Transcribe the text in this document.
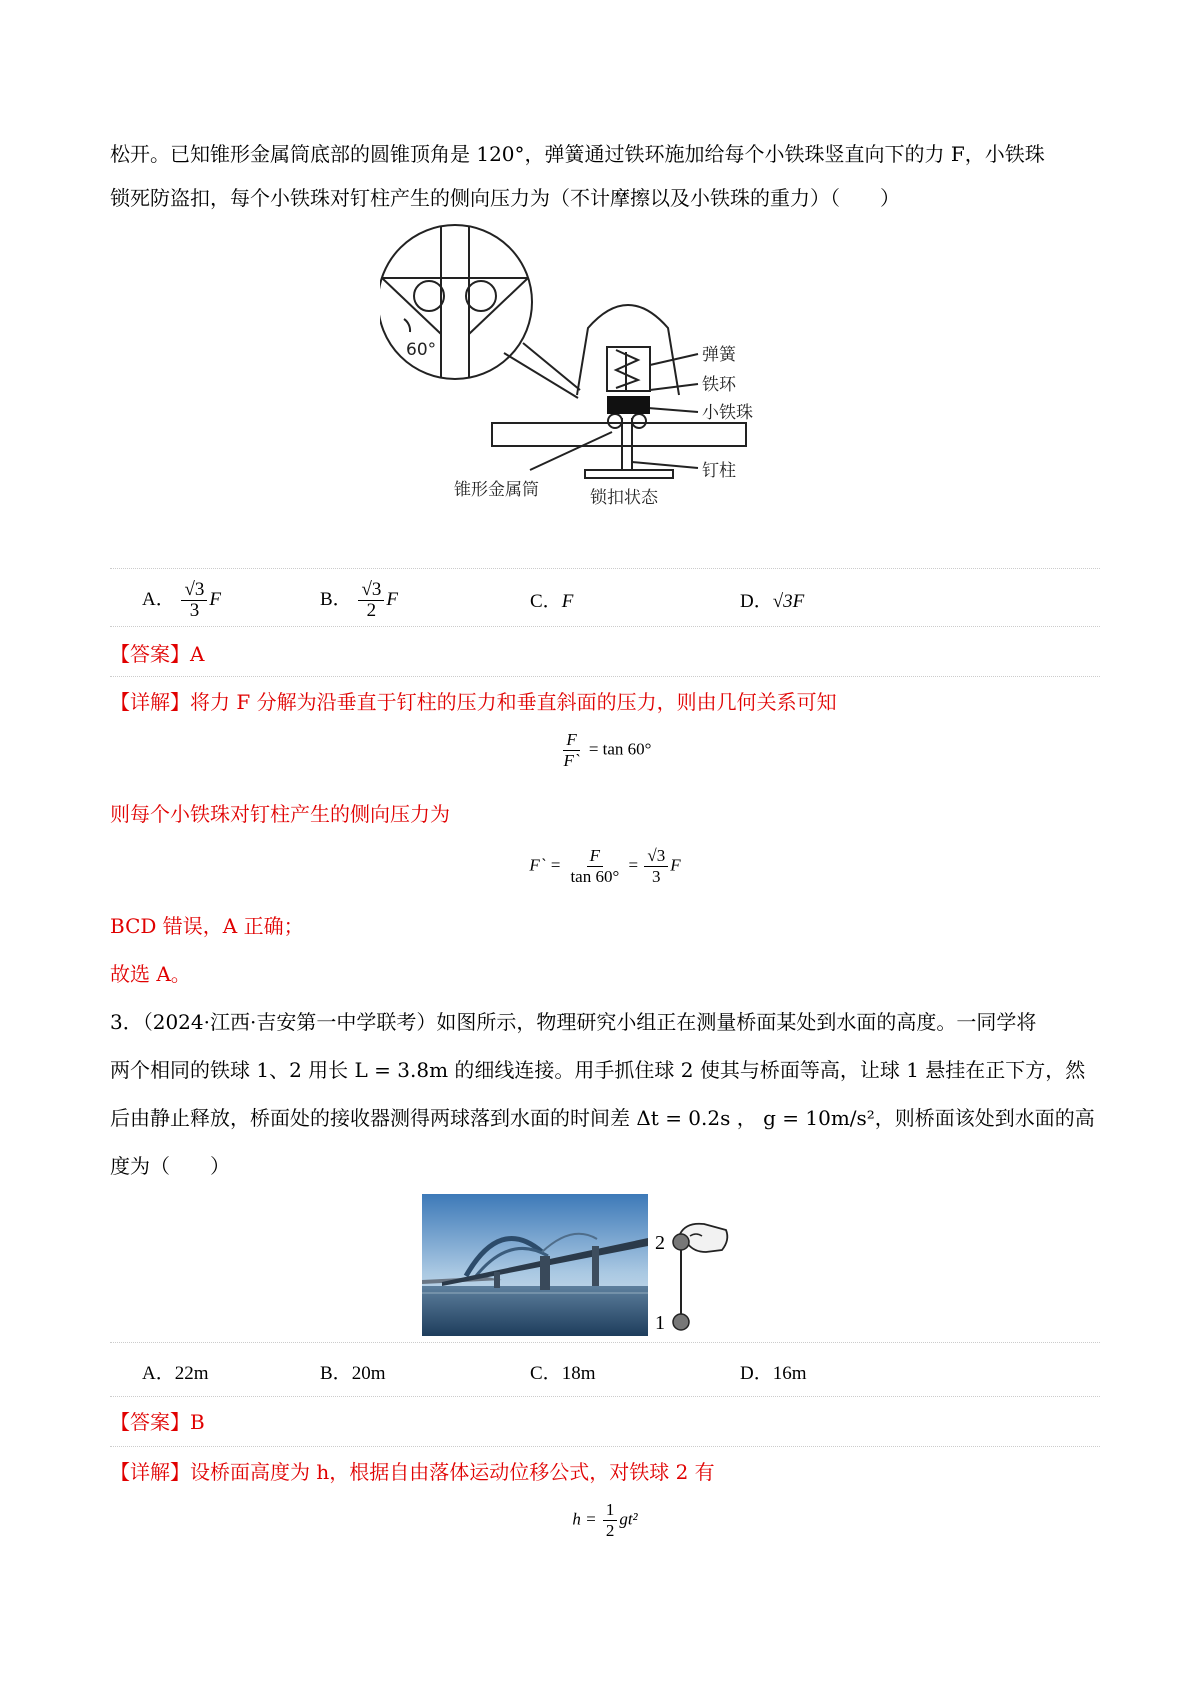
松开。已知锥形金属筒底部的圆锥顶角是 120°，弹簧通过铁环施加给每个小铁珠竖直向下的力 F，小铁珠
锁死防盗扣，每个小铁珠对钉柱产生的侧向压力为（不计摩擦以及小铁珠的重力）（　　）
60°	弹簧
铁环
小铁珠
钉柱
锥形金属筒	锁扣状态
A． $\frac{√3}{3}$ F	B． $\frac{√3}{2}$ F	C．F	D．√3F
【答案】A
【详解】将力 F 分解为沿垂直于钉柱的压力和垂直斜面的压力，则由几何关系可知
$\frac{F}{F`} = \tan 60^\circ$
则每个小铁珠对钉柱产生的侧向压力为
F` = $\frac{F}{\tan 60^\circ} = \frac{√3}{3}$ F
BCD 错误，A 正确；
故选 A。
3．（2024·江西·吉安第一中学联考）如图所示，物理研究小组正在测量桥面某处到水面的高度。一同学将
两个相同的铁球 1、2 用长 L = 3.8m 的细线连接。用手抓住球 2 使其与桥面等高，让球 1 悬挂在正下方，然
后由静止释放，桥面处的接收器测得两球落到水面的时间差 Δt = 0.2s ， g = 10m/s²，则桥面该处到水面的高
度为（　　）
2
1
A．22m	B．20m	C．18m	D．16m
【答案】B
【详解】设桥面高度为 h，根据自由落体运动位移公式，对铁球 2 有
$h = \frac{1}{2} gt^2$
